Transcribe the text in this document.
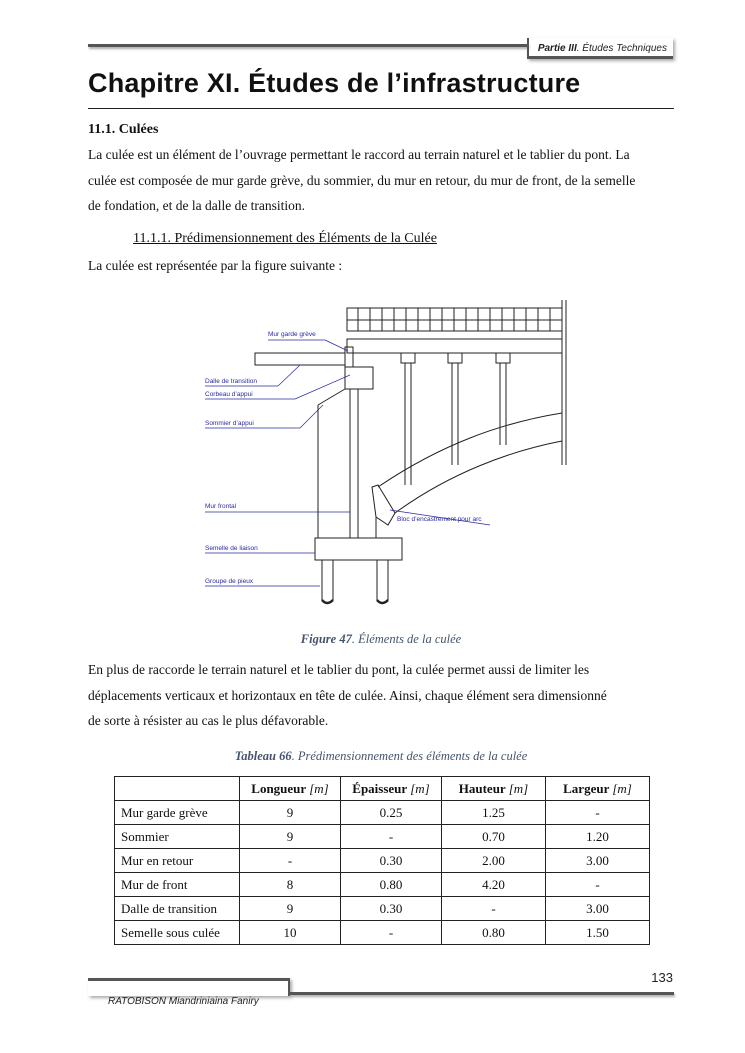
Partie III. Études Techniques
Chapitre XI. Études de l’infrastructure
11.1. Culées
La culée est un élément de l’ouvrage permettant le raccord au terrain naturel et le tablier du pont. La
culée est composée de mur garde grève, du sommier, du mur en retour, du mur de front, de la semelle
de fondation, et de la dalle de transition.
11.1.1. Prédimensionnement des Éléments de la Culée
La culée est représentée par la figure suivante :
Mur garde grève
Dalle de transition
Corbeau d’appui
Sommier d’appui
Mur frontal
Bloc d’encastrement pour arc
Semelle de liaison
Groupe de pieux
Figure 47. Éléments de la culée
En plus de raccorde le terrain naturel et le tablier du pont, la culée permet aussi de limiter les
déplacements verticaux et horizontaux en tête de culée. Ainsi, chaque élément sera dimensionné
de sorte à résister au cas le plus défavorable.
Tableau 66. Prédimensionnement des éléments de la culée
	Longueur [m]	Épaisseur [m]	Hauteur [m]	Largeur [m]
Mur garde grève	9	0.25	1.25	-
Sommier	9	-	0.70	1.20
Mur en retour	-	0.30	2.00	3.00
Mur de front	8	0.80	4.20	-
Dalle de transition	9	0.30	-	3.00
Semelle sous culée	10	-	0.80	1.50
133
RATOBISON Miandriniaina Faniry
